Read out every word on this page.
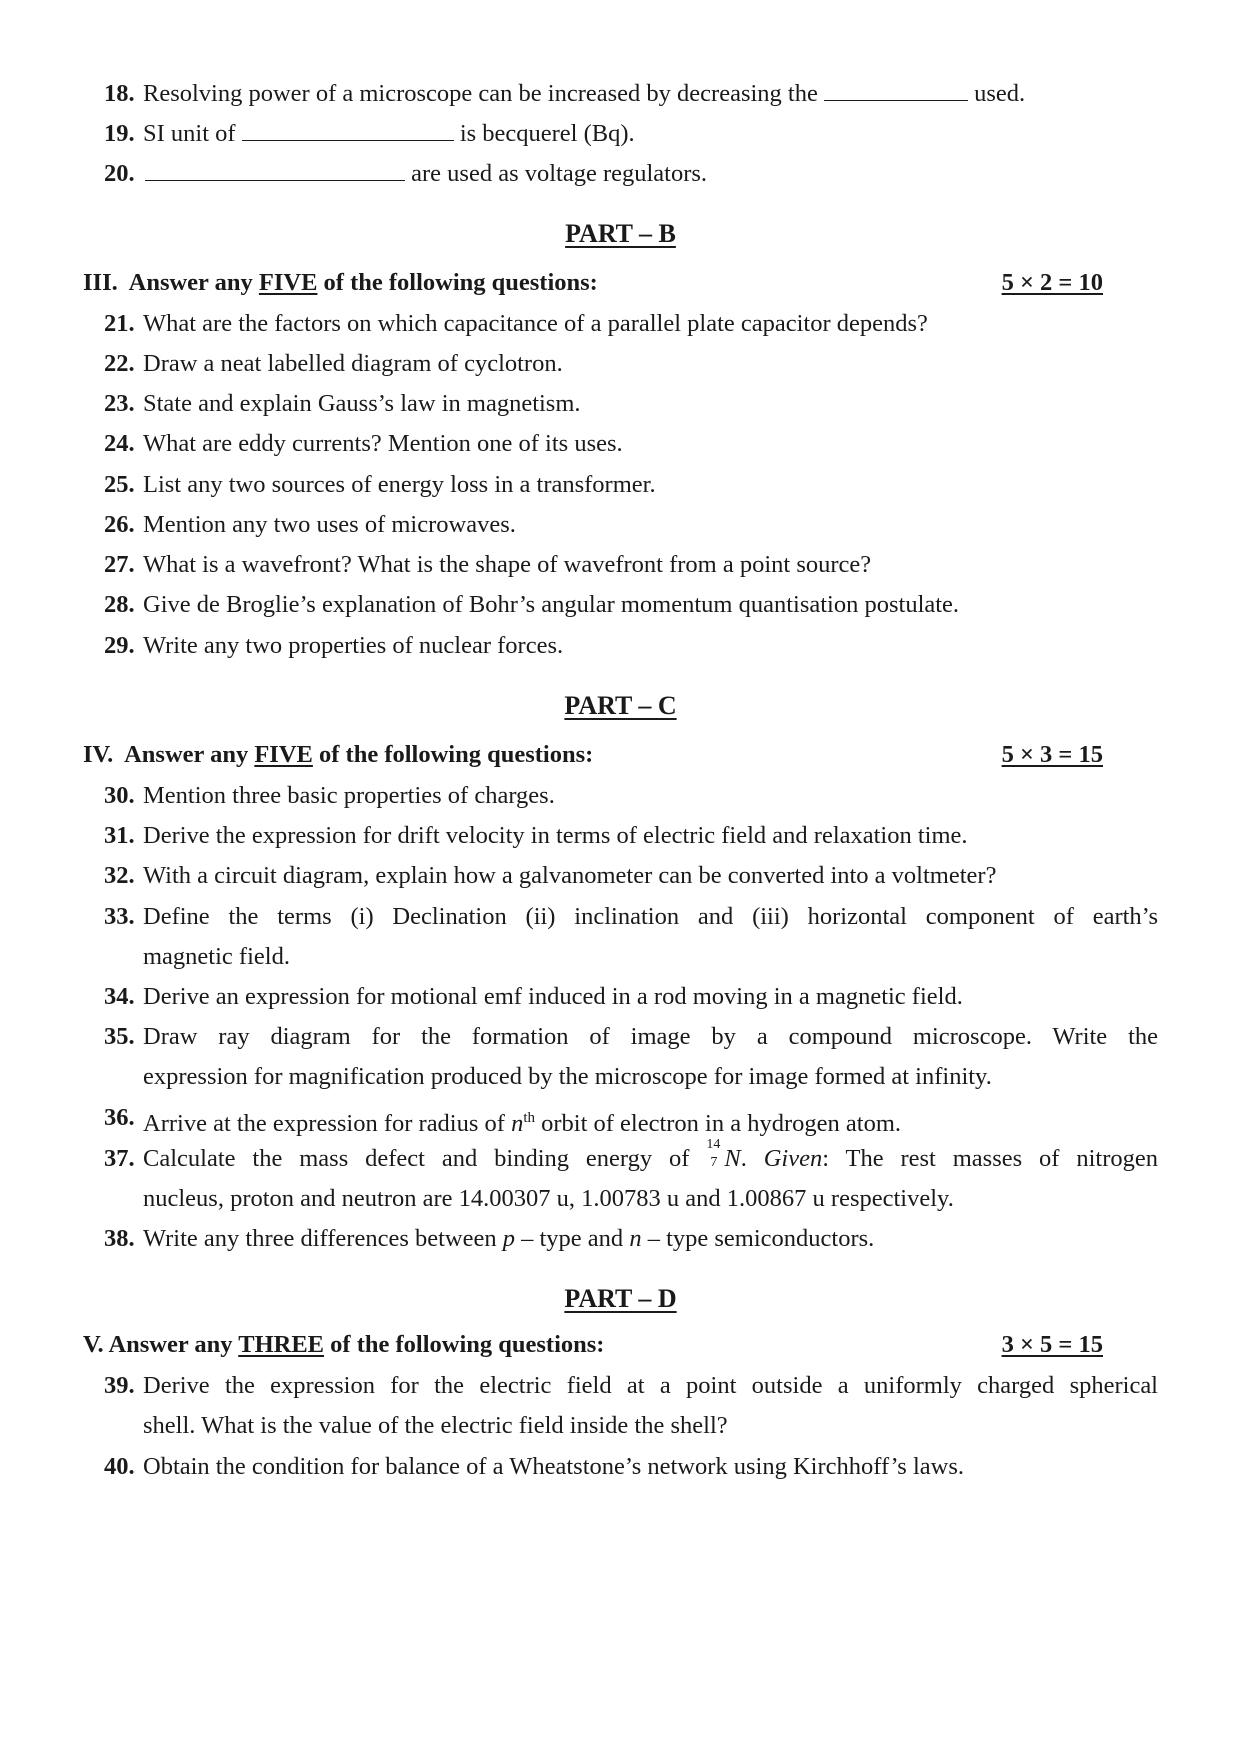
18. Resolving power of a microscope can be increased by decreasing the	used.
19. SI unit of	is becquerel (Bq).
20.	are used as voltage regulators.
PART – B
III. Answer any FIVE of the following questions:	5 × 2 = 10
21. What are the factors on which capacitance of a parallel plate capacitor depends?
22. Draw a neat labelled diagram of cyclotron.
23. State and explain Gauss’s law in magnetism.
24. What are eddy currents? Mention one of its uses.
25. List any two sources of energy loss in a transformer.
26. Mention any two uses of microwaves.
27. What is a wavefront? What is the shape of wavefront from a point source?
28. Give de Broglie’s explanation of Bohr’s angular momentum quantisation postulate.
29. Write any two properties of nuclear forces.
PART – C
IV. Answer any FIVE of the following questions:	5 × 3 = 15
30. Mention three basic properties of charges.
31. Derive the expression for drift velocity in terms of electric field and relaxation time.
32. With a circuit diagram, explain how a galvanometer can be converted into a voltmeter?
33. Define the terms (i) Declination (ii) inclination and (iii) horizontal component of earth’s
magnetic field.
34. Derive an expression for motional emf induced in a rod moving in a magnetic field.
35. Draw ray diagram for the formation of image by a compound microscope. Write the
expression for magnification produced by the microscope for image formed at infinity.
36. Arrive at the expression for radius of $n^{th}$ orbit of electron in a hydrogen atom.
37. Calculate the mass defect and binding energy of
14
7 N. Given: The rest masses of nitrogen
nucleus, proton and neutron are 14.00307 u, 1.00783 u and 1.00867 u respectively.
38. Write any three differences between p – type and n – type semiconductors.
PART – D
V. Answer any THREE of the following questions:	3 × 5 = 15
39. Derive the expression for the electric field at a point outside a uniformly charged spherical
shell. What is the value of the electric field inside the shell?
40. Obtain the condition for balance of a Wheatstone’s network using Kirchhoff’s laws.
